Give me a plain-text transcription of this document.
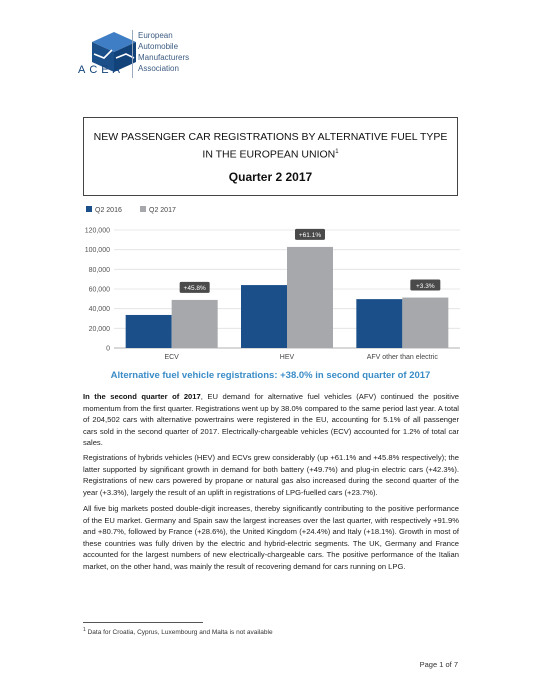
ACEA
European
Automobile
Manufacturers
Association
NEW PASSENGER CAR REGISTRATIONS BY ALTERNATIVE FUEL TYPE
IN THE EUROPEAN UNION$^1$
Quarter 2 2017
Q2 2016	Q2 2017
0
20,000
40,000
60,000
80,000
100,000
120,000
ECV
+45.8%
HEV
+61.1%
AFV other than electric
+3.3%
Alternative fuel vehicle registrations: +38.0% in second quarter of 2017

In the second quarter of 2017, EU demand for alternative fuel vehicles (AFV) continued the positive momentum from the first quarter. Registrations went up by 38.0% compared to the same period last year. A total of 204,502 cars with alternative powertrains were registered in the EU, accounting for 5.1% of all passenger cars sold in the second quarter of 2017. Electrically-chargeable vehicles (ECV) accounted for 1.2% of total car sales.

Registrations of hybrids vehicles (HEV) and ECVs grew considerably (up +61.1% and +45.8% respectively); the latter supported by significant growth in demand for both battery (+49.7%) and plug-in electric cars (+42.3%). Registrations of new cars powered by propane or natural gas also increased during the second quarter of the year (+3.3%), largely the result of an uplift in registrations of LPG-fuelled cars (+23.7%).

All five big markets posted double-digit increases, thereby significantly contributing to the positive performance of the EU market. Germany and Spain saw the largest increases over the last quarter, with respectively +91.9% and +80.7%, followed by France (+28.6%), the United Kingdom (+24.4%) and Italy (+18.1%). Growth in most of these countries was fully driven by the electric and hybrid-electric segments. The UK, Germany and France accounted for the largest numbers of new electrically-chargeable cars. The positive performance of the Italian market, on the other hand, was mainly the result of recovering demand for cars running on LPG.

$^1$ Data for Croatia, Cyprus, Luxembourg and Malta is not available
Page 1 of 7
